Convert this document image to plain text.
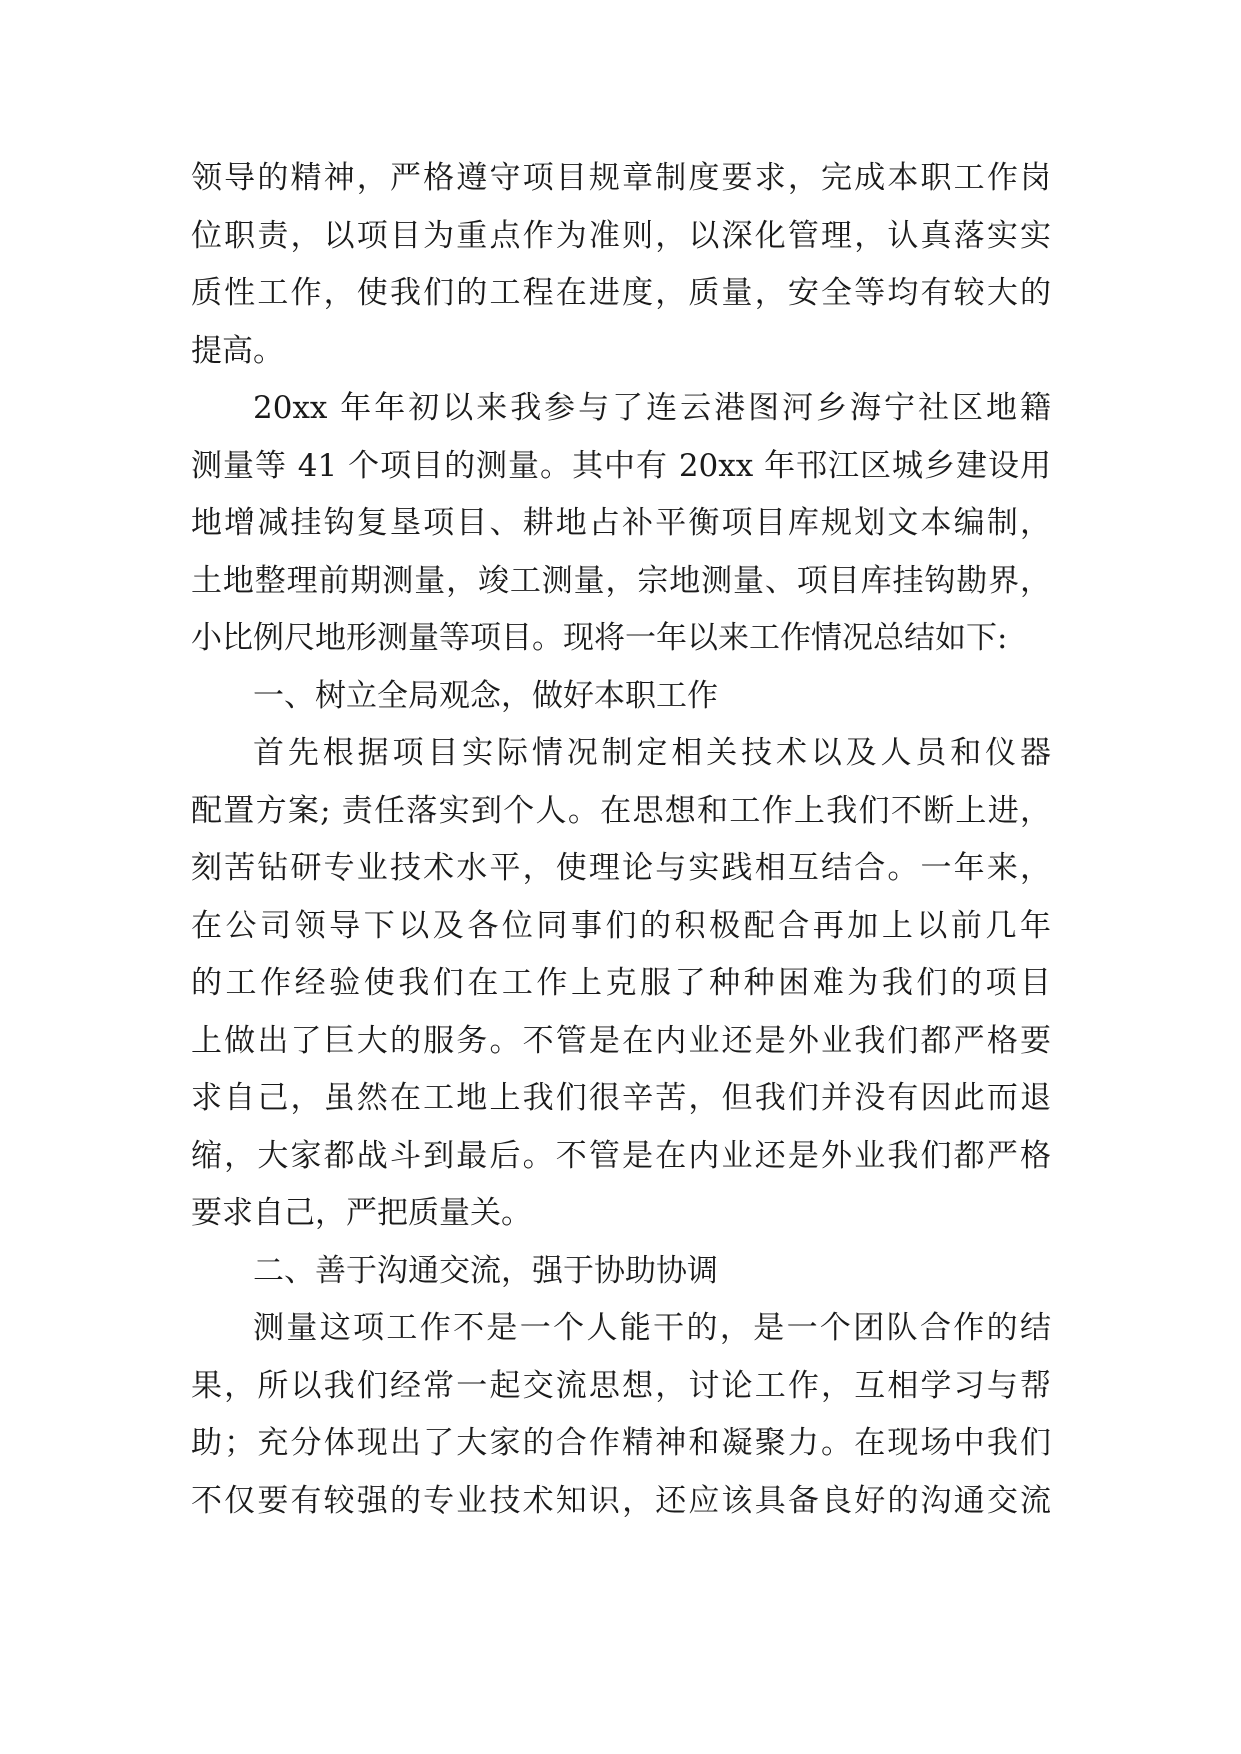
领导的精神，严格遵守项目规章制度要求，完成本职工作岗
位职责，以项目为重点作为准则，以深化管理，认真落实实
质性工作，使我们的工程在进度，质量，安全等均有较大的
提高。
20xx 年年初以来我参与了连云港图河乡海宁社区地籍
测量等 41 个项目的测量。其中有 20xx 年邗江区城乡建设用
地增减挂钩复垦项目、耕地占补平衡项目库规划文本编制，
土地整理前期测量，竣工测量，宗地测量、项目库挂钩勘界，
小比例尺地形测量等项目。现将一年以来工作情况总结如下:
一、树立全局观念，做好本职工作
首先根据项目实际情况制定相关技术以及人员和仪器
配置方案; 责任落实到个人。在思想和工作上我们不断上进，
刻苦钻研专业技术水平，使理论与实践相互结合。一年来，
在公司领导下以及各位同事们的积极配合再加上以前几年
的工作经验使我们在工作上克服了种种困难为我们的项目
上做出了巨大的服务。不管是在内业还是外业我们都严格要
求自己，虽然在工地上我们很辛苦，但我们并没有因此而退
缩，大家都战斗到最后。不管是在内业还是外业我们都严格
要求自己，严把质量关。
二、善于沟通交流，强于协助协调
测量这项工作不是一个人能干的，是一个团队合作的结
果，所以我们经常一起交流思想，讨论工作，互相学习与帮
助；充分体现出了大家的合作精神和凝聚力。在现场中我们
不仅要有较强的专业技术知识，还应该具备良好的沟通交流
